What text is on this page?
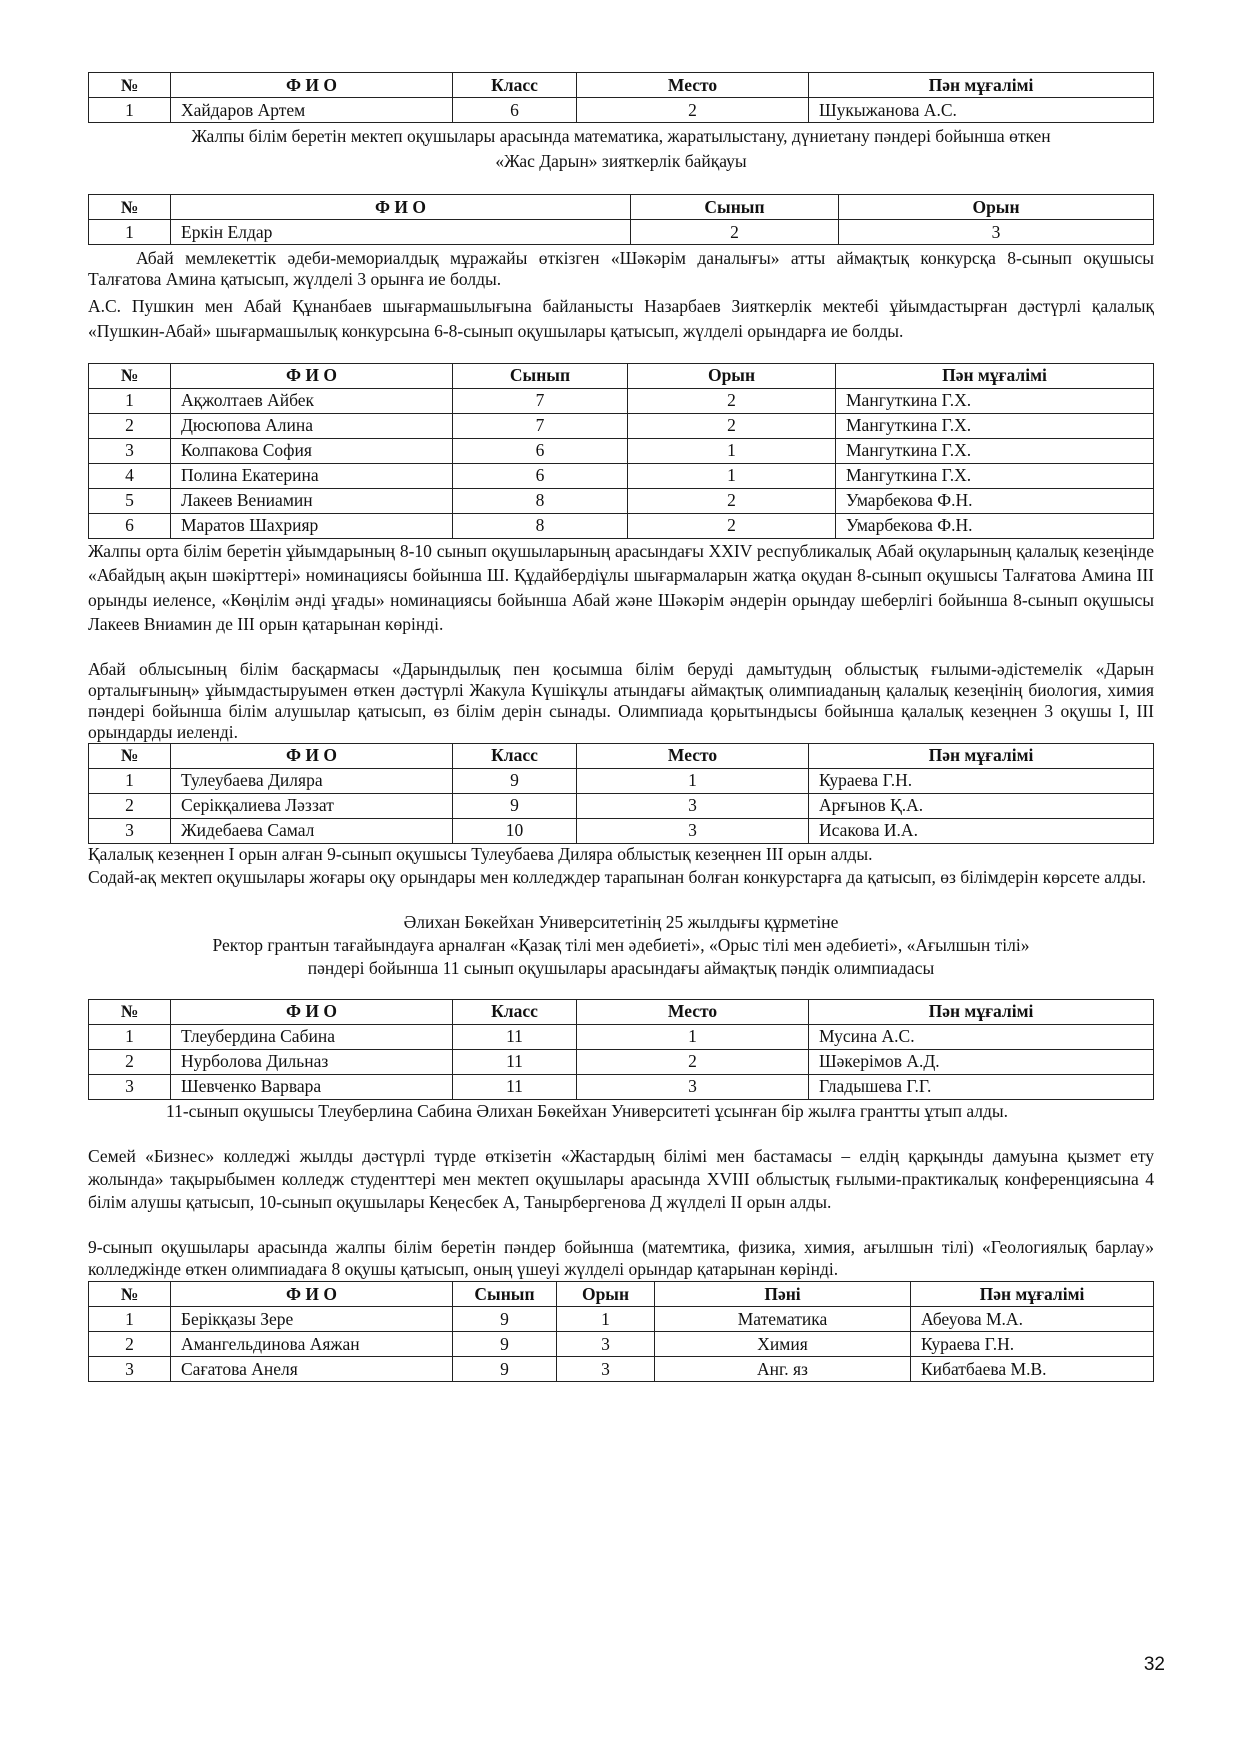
№	Ф И О	Класс	Место	Пән мұғалімі
1	Хайдаров Артем	6	2	Шукыжанова А.С.
Жалпы білім беретін мектеп оқушылары арасында математика, жаратылыстану, дүниетану пәндері бойынша өткен
«Жас Дарын» зияткерлік байқауы
№	Ф И О	Сынып	Орын
1	Еркін Елдар	2	3

Абай мемлекеттік әдеби-мемориалдық мұражайы өткізген «Шәкәрім даналығы» атты аймақтық конкурсқа 8-сынып оқушысы Талғатова Амина қатысып, жүлделі 3 орынға ие болды.

А.С. Пушкин мен Абай Құнанбаев шығармашылығына байланысты Назарбаев Зияткерлік мектебі ұйымдастырған дәстүрлі қалалық «Пушкин-Абай» шығармашылық конкурсына 6-8-сынып оқушылары қатысып, жүлделі орындарға ие болды.

№	Ф И О	Сынып	Орын	Пән мұғалімі
1	Ақжолтаев Айбек	7	2	Мангуткина Г.Х.
2	Дюсюпова Алина	7	2	Мангуткина Г.Х.
3	Колпакова София	6	1	Мангуткина Г.Х.
4	Полина Екатерина	6	1	Мангуткина Г.Х.
5	Лакеев Вениамин	8	2	Умарбекова Ф.Н.
6	Маратов Шахрияр	8	2	Умарбекова Ф.Н.

Жалпы орта білім беретін ұйымдарының 8-10 сынып оқушыларының арасындағы XXIV республикалық Абай оқуларының қалалық кезеңінде «Абайдың ақын шәкірттері» номинациясы бойынша Ш. Құдайбердіұлы шығармаларын жатқа оқудан 8-сынып оқушысы Талғатова Амина ІІІ орынды иеленсе, «Көңілім әнді ұғады» номинациясы бойынша Абай және Шәкәрім әндерін орындау шеберлігі бойынша 8-сынып оқушысы Лакеев Вниамин де ІІІ орын қатарынан көрінді.

Абай облысының білім басқармасы «Дарындылық пен қосымша білім беруді дамытудың облыстық ғылыми-әдістемелік «Дарын орталығының» ұйымдастыруымен өткен дәстүрлі Жакула Күшікұлы атындағы аймақтық олимпиаданың қалалық кезеңінің биология, химия пәндері бойынша білім алушылар қатысып, өз білім дерін сынады. Олимпиада қорытындысы бойынша қалалық кезеңнен 3 оқушы І, ІІІ орындарды иеленді.

№	Ф И О	Класс	Место	Пән мұғалімі
1	Тулеубаева Диляра	9	1	Кураева Г.Н.
2	Серікқалиева Ләззат	9	3	Арғынов Қ.А.
3	Жидебаева Самал	10	3	Исакова И.А.

Қалалық кезеңнен І орын алған 9-сынып оқушысы Тулеубаева Диляра облыстық кезеңнен ІІІ орын алды.

Содай-ақ мектеп оқушылары жоғары оқу орындары мен колледждер тарапынан болған конкурстарға да қатысып, өз білімдерін көрсете алды.

Әлихан Бөкейхан Университетінің 25 жылдығы құрметіне
Ректор грантын тағайындауға арналған «Қазақ тілі мен әдебиеті», «Орыс тілі мен әдебиеті», «Ағылшын тілі»
пәндері бойынша 11 сынып оқушылары арасындағы аймақтық пәндік олимпиадасы
№	Ф И О	Класс	Место	Пән мұғалімі
1	Тлеубердина Сабина	11	1	Мусина А.С.
2	Нурболова Дильназ	11	2	Шәкерімов А.Д.
3	Шевченко Варвара	11	3	Гладышева Г.Г.

11-сынып оқушысы Тлеуберлина Сабина Әлихан Бөкейхан Университеті ұсынған бір жылға грантты ұтып алды.

Семей «Бизнес» колледжі жылды дәстүрлі түрде өткізетін «Жастардың білімі мен бастамасы – елдің қарқынды дамуына қызмет ету жолында» тақырыбымен колледж студенттері мен мектеп оқушылары арасында XVIII облыстық ғылыми-практикалық конференциясына 4 білім алушы қатысып, 10-сынып оқушылары Кеңесбек А, Танырбергенова Д жүлделі ІІ орын алды.

9-сынып оқушылары арасында жалпы білім беретін пәндер бойынша (матемтика, физика, химия, ағылшын тілі) «Геологиялық барлау» колледжінде өткен олимпиадаға 8 оқушы қатысып, оның үшеуі жүлделі орындар қатарынан көрінді.

№	Ф И О	Сынып	Орын	Пәні	Пән мұғалімі
1	Берікқазы Зере	9	1	Математика	Абеуова М.А.
2	Амангельдинова Аяжан	9	3	Химия	Кураева Г.Н.
3	Сағатова Анеля	9	3	Анг. яз	Кибатбаева М.В.
32
